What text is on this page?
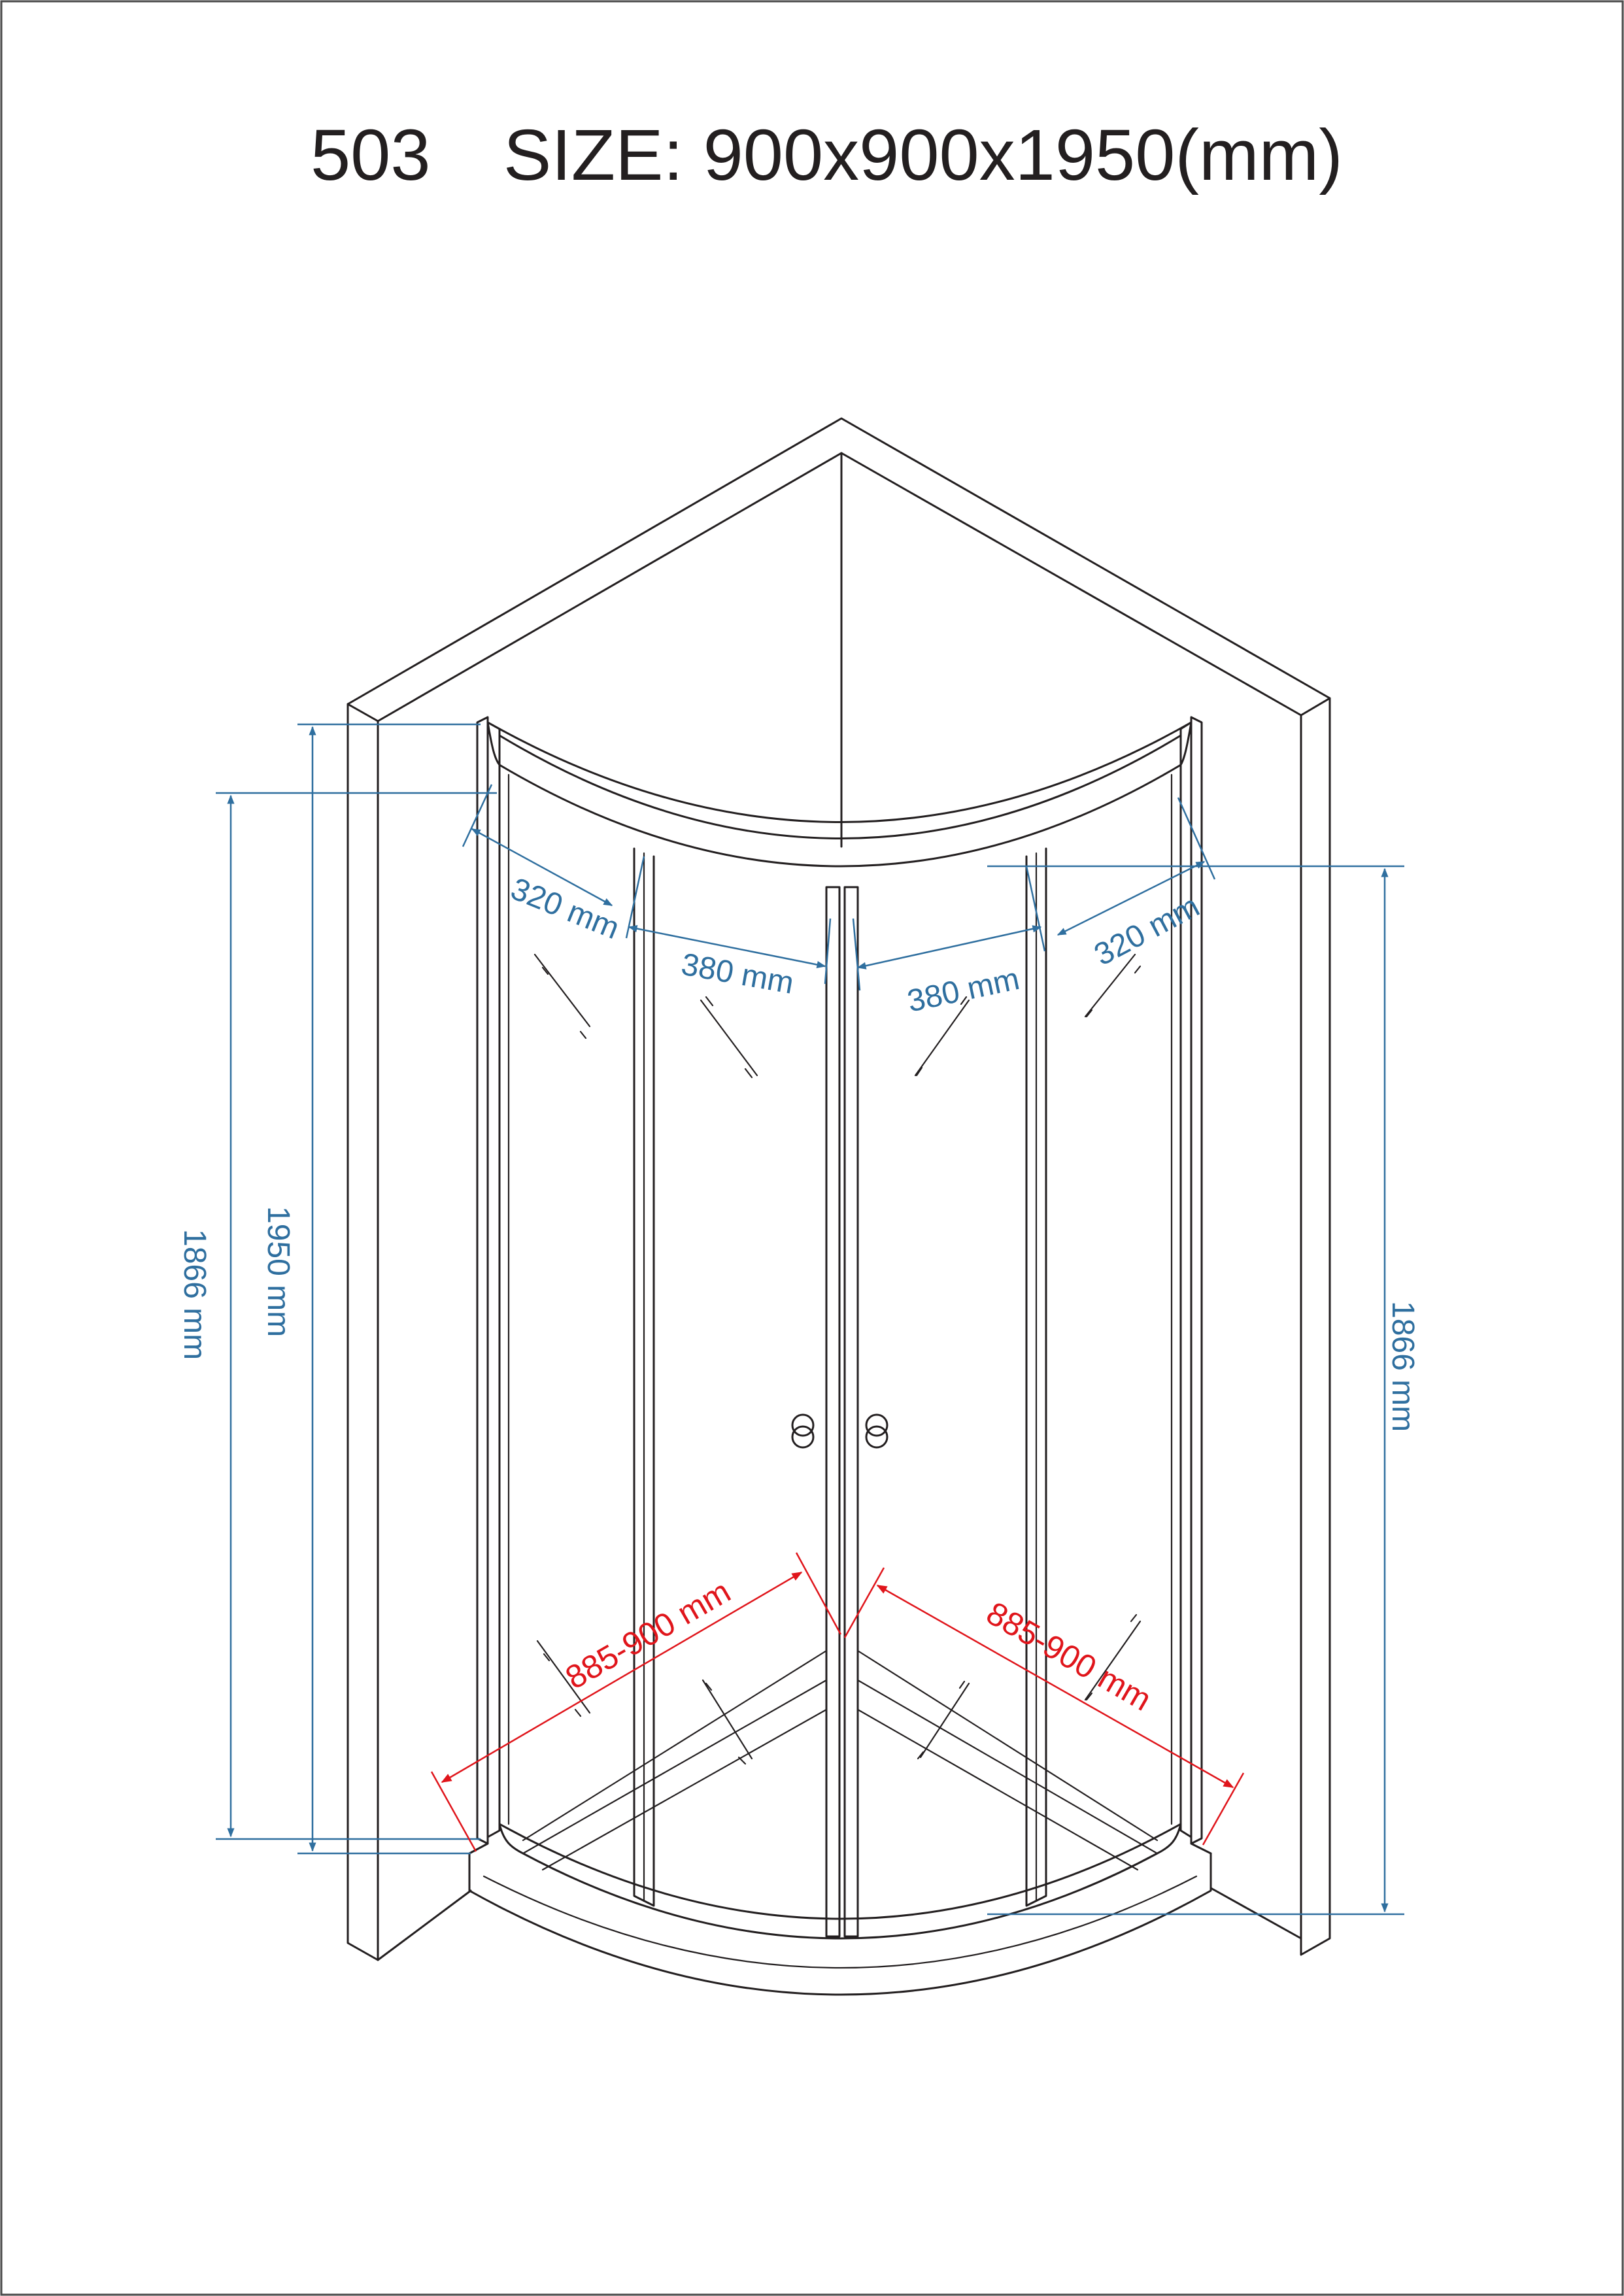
503 SIZE: 900x900x1950(mm)
1950 mm
1866 mm
1866 mm
320 mm
380 mm	380 mm
320 mm
885-900 mm	885-900 mm
